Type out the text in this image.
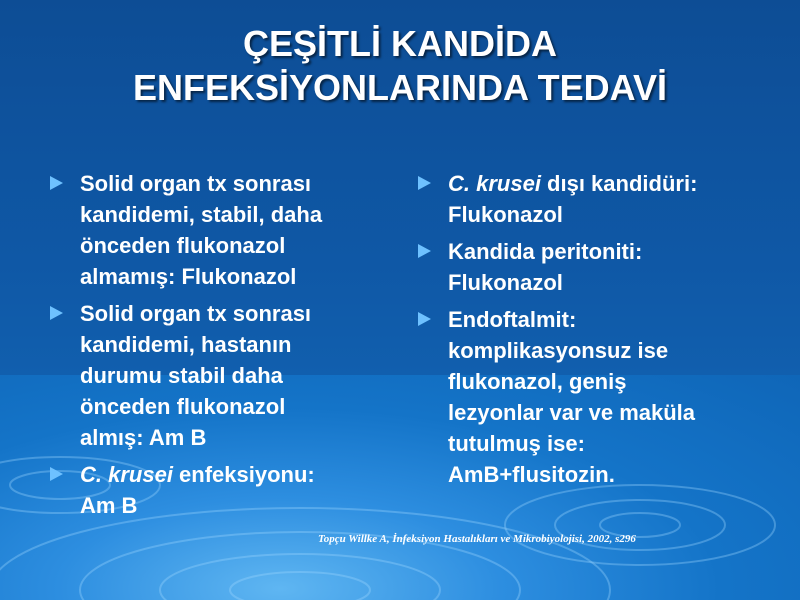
ÇEŞİTLİ KANDİDA
ENFEKSİYONLARINDA TEDAVİ
Solid organ tx sonrası
kandidemi, stabil, daha
önceden flukonazol
almamış: Flukonazol
Solid organ tx sonrası
kandidemi, hastanın
durumu stabil daha
önceden flukonazol
almış: Am B
C. krusei enfeksiyonu:
Am B
C. krusei dışı kandidüri:
Flukonazol
Kandida peritoniti:
Flukonazol
Endoftalmit:
komplikasyonsuz ise
flukonazol, geniş
lezyonlar var ve maküla
tutulmuş ise:
AmB+flusitozin.
Topçu Willke A, İnfeksiyon Hastalıkları ve Mikrobiyolojisi, 2002, s296
